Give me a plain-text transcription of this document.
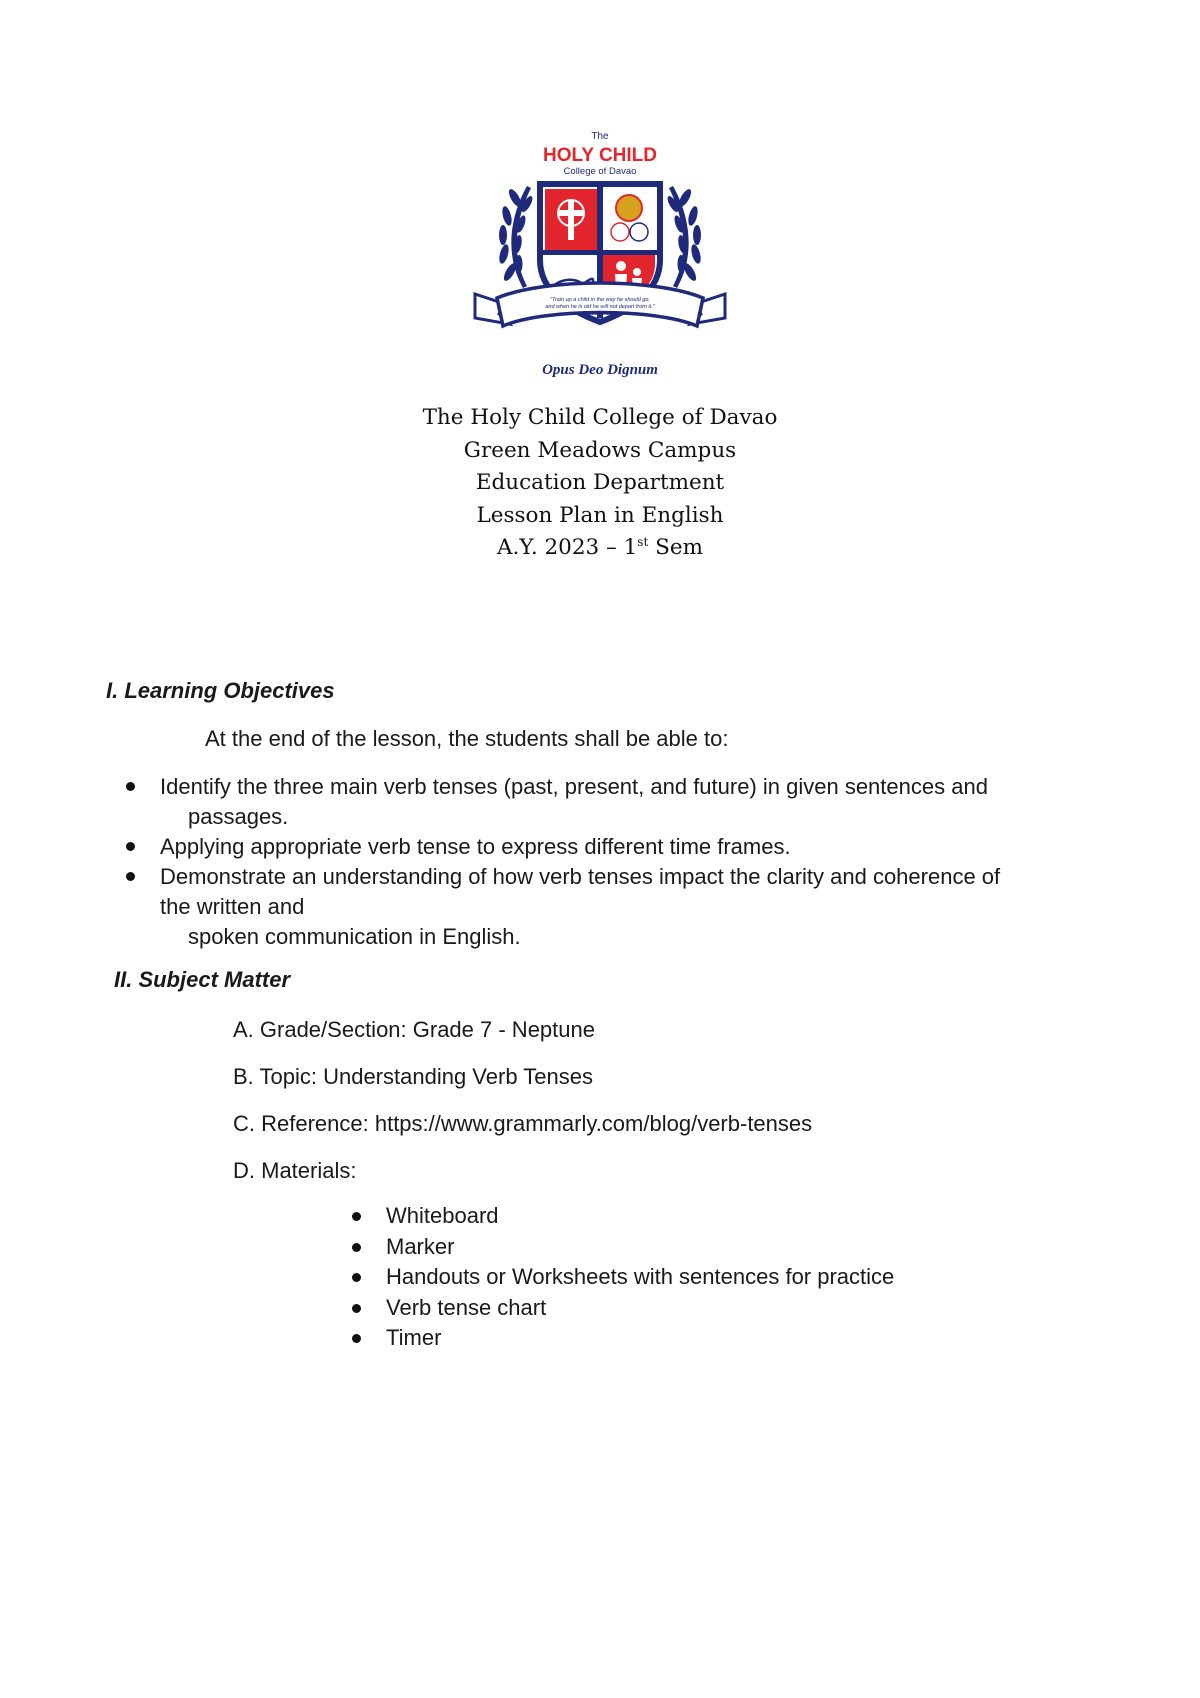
The
HOLY CHILD
College of Davao
"Train up a child in the way he should go,
and when he is old he will not depart from it."
Proverbs 22:6
Opus Deo Dignum
The Holy Child College of Davao
Green Meadows Campus
Education Department
Lesson Plan in English
A.Y. 2023 – 1st Sem
I. Learning Objectives
At the end of the lesson, the students shall be able to:
Identify the three main verb tenses (past, present, and future) in given sentences and
passages.
Applying appropriate verb tense to express different time frames.
Demonstrate an understanding of how verb tenses impact the clarity and coherence of
the written and
spoken communication in English.
II. Subject Matter
A. Grade/Section: Grade 7 - Neptune
B. Topic: Understanding Verb Tenses
C. Reference: https://www.grammarly.com/blog/verb-tenses
D. Materials:
Whiteboard
Marker
Handouts or Worksheets with sentences for practice
Verb tense chart
Timer
